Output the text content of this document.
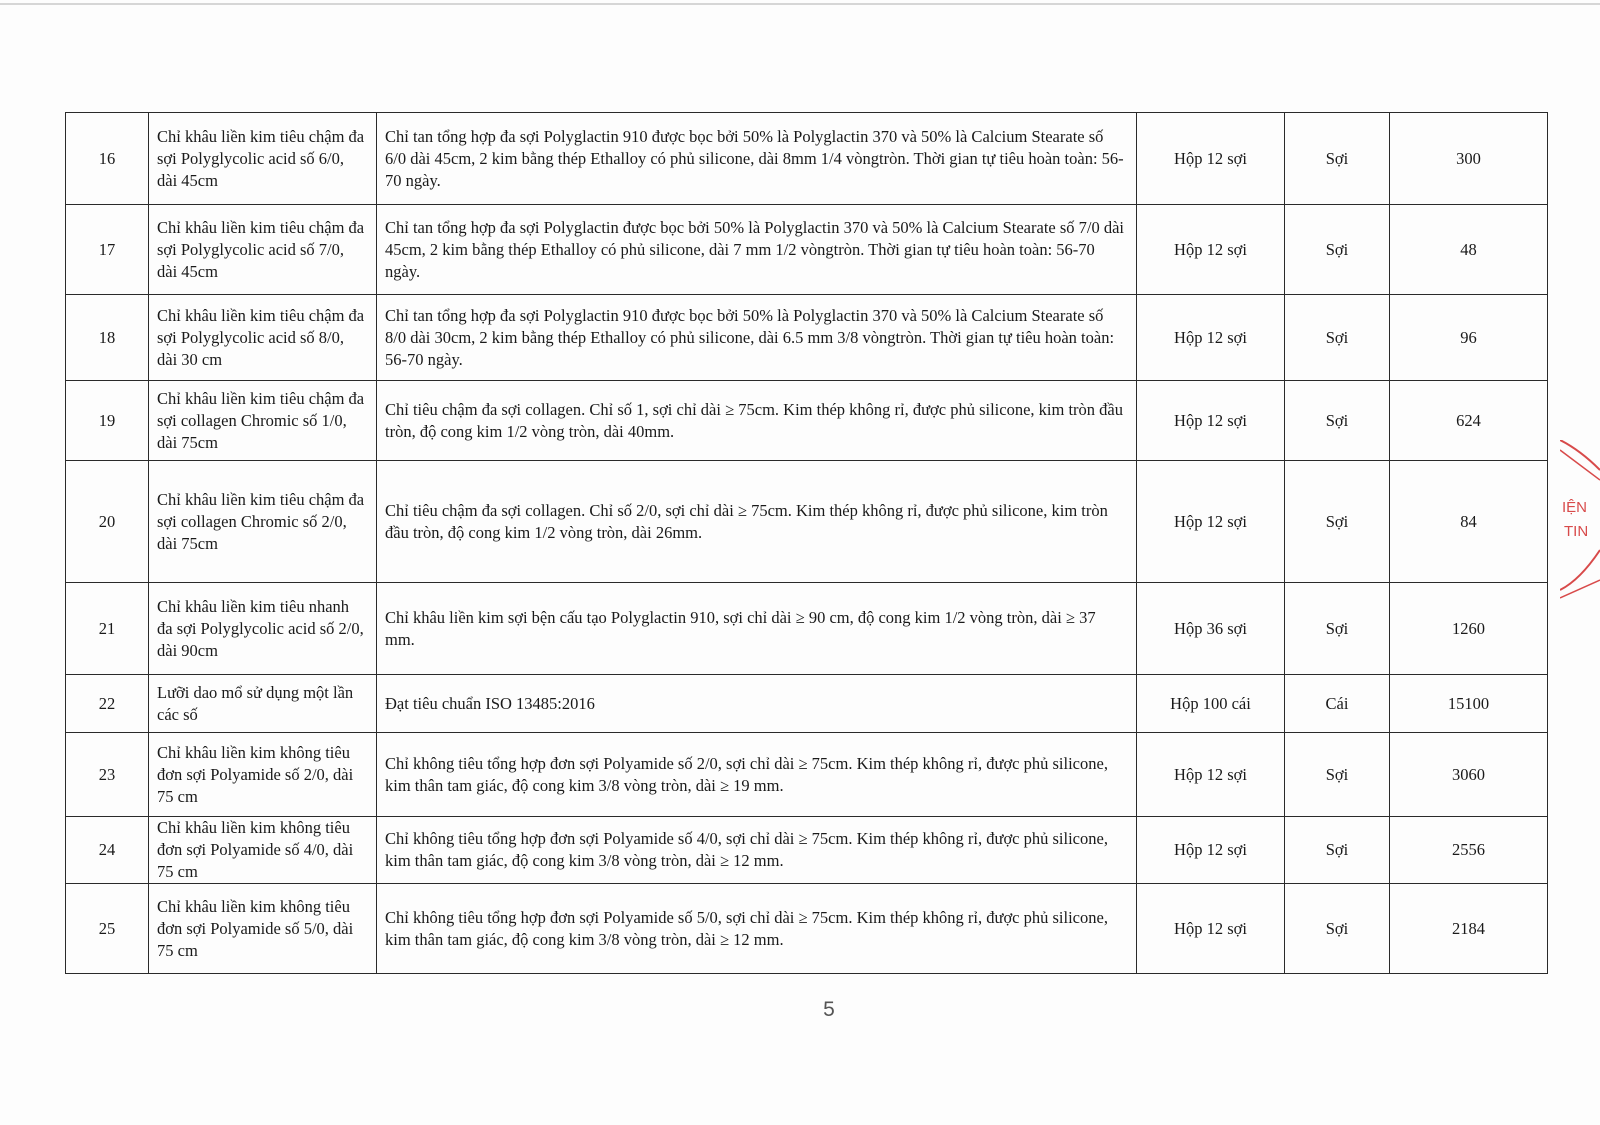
16	Chỉ khâu liền kim tiêu chậm đa sợi Polyglycolic acid số 6/0, dài 45cm	Chỉ tan tổng hợp đa sợi Polyglactin 910 được bọc bởi 50% là Polyglactin 370 và 50% là Calcium Stearate số 6/0 dài 45cm, 2 kim bằng thép Ethalloy có phủ silicone, dài 8mm 1/4 vòngtròn. Thời gian tự tiêu hoàn toàn: 56-70 ngày.	Hộp 12 sợi	Sợi	300
17	Chỉ khâu liền kim tiêu chậm đa sợi Polyglycolic acid số 7/0, dài 45cm	Chỉ tan tổng hợp đa sợi Polyglactin được bọc bởi 50% là Polyglactin 370 và 50% là Calcium Stearate số 7/0 dài 45cm, 2 kim bằng thép Ethalloy có phủ silicone, dài 7 mm 1/2 vòngtròn. Thời gian tự tiêu hoàn toàn: 56-70 ngày.	Hộp 12 sợi	Sợi	48
18	Chỉ khâu liền kim tiêu chậm đa sợi Polyglycolic acid số 8/0, dài 30 cm	Chỉ tan tổng hợp đa sợi Polyglactin 910 được bọc bởi 50% là Polyglactin 370 và 50% là Calcium Stearate số 8/0 dài 30cm, 2 kim bằng thép Ethalloy có phủ silicone, dài 6.5 mm 3/8 vòngtròn. Thời gian tự tiêu hoàn toàn: 56-70 ngày.	Hộp 12 sợi	Sợi	96
19	Chỉ khâu liền kim tiêu chậm đa sợi collagen Chromic số 1/0, dài 75cm	Chỉ tiêu chậm đa sợi collagen. Chỉ số 1, sợi chỉ dài ≥ 75cm. Kim thép không rỉ, được phủ silicone, kim tròn đầu tròn, độ cong kim 1/2 vòng tròn, dài 40mm.	Hộp 12 sợi	Sợi	624
20	Chỉ khâu liền kim tiêu chậm đa sợi collagen Chromic số 2/0, dài 75cm	Chỉ tiêu chậm đa sợi collagen. Chỉ số 2/0, sợi chỉ dài ≥ 75cm. Kim thép không rỉ, được phủ silicone, kim tròn đầu tròn, độ cong kim 1/2 vòng tròn, dài 26mm.	Hộp 12 sợi	Sợi	84
21	Chỉ khâu liền kim tiêu nhanh đa sợi Polyglycolic acid số 2/0, dài 90cm	Chỉ khâu liền kim sợi bện cấu tạo Polyglactin 910, sợi chỉ dài ≥ 90 cm, độ cong kim 1/2 vòng tròn, dài ≥ 37 mm.	Hộp 36 sợi	Sợi	1260
22	Lưỡi dao mổ sử dụng một lần các số	Đạt tiêu chuẩn ISO 13485:2016	Hộp 100 cái	Cái	15100
23	Chỉ khâu liền kim không tiêu đơn sợi Polyamide số 2/0, dài 75 cm	Chỉ không tiêu tổng hợp đơn sợi Polyamide số 2/0, sợi chỉ dài ≥ 75cm. Kim thép không rỉ, được phủ silicone, kim thân tam giác, độ cong kim 3/8 vòng tròn, dài ≥ 19 mm.	Hộp 12 sợi	Sợi	3060
24	Chỉ khâu liền kim không tiêu đơn sợi Polyamide số 4/0, dài 75 cm	Chỉ không tiêu tổng hợp đơn sợi Polyamide số 4/0, sợi chỉ dài ≥ 75cm. Kim thép không rỉ, được phủ silicone, kim thân tam giác, độ cong kim 3/8 vòng tròn, dài ≥ 12 mm.	Hộp 12 sợi	Sợi	2556
25	Chỉ khâu liền kim không tiêu đơn sợi Polyamide số 5/0, dài 75 cm	Chỉ không tiêu tổng hợp đơn sợi Polyamide số 5/0, sợi chỉ dài ≥ 75cm. Kim thép không rỉ, được phủ silicone, kim thân tam giác, độ cong kim 3/8 vòng tròn, dài ≥ 12 mm.	Hộp 12 sợi	Sợi	2184
IỆN
TIN
5
